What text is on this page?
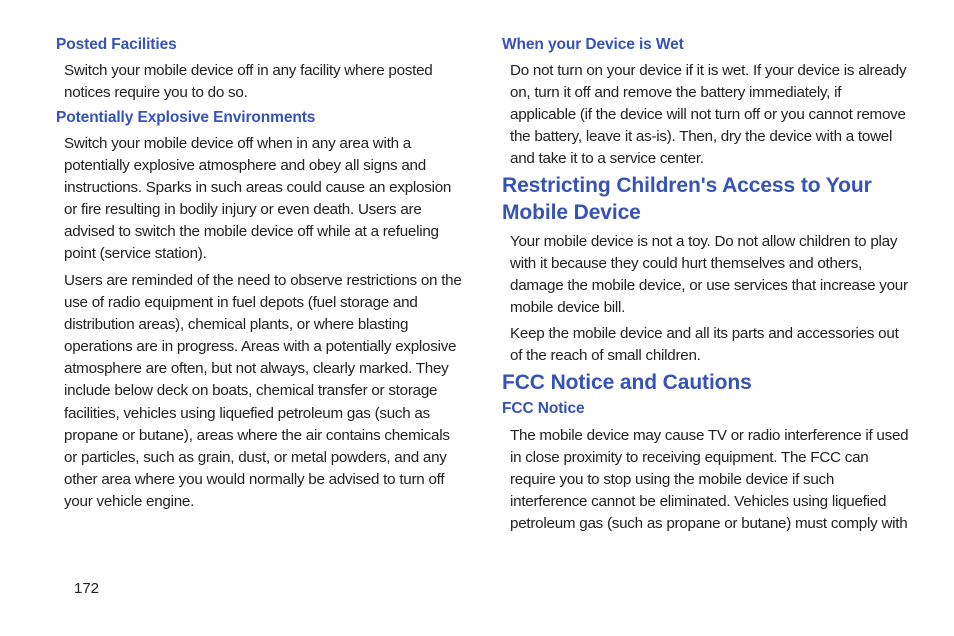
Posted Facilities

Switch your mobile device off in any facility where posted notices require you to do so.

Potentially Explosive Environments

Switch your mobile device off when in any area with a potentially explosive atmosphere and obey all signs and instructions. Sparks in such areas could cause an explosion or fire resulting in bodily injury or even death. Users are advised to switch the mobile device off while at a refueling point (service station).

Users are reminded of the need to observe restrictions on the use of radio equipment in fuel depots (fuel storage and distribution areas), chemical plants, or where blasting operations are in progress. Areas with a potentially explosive atmosphere are often, but not always, clearly marked. They include below deck on boats, chemical transfer or storage facilities, vehicles using liquefied petroleum gas (such as propane or butane), areas where the air contains chemicals or particles, such as grain, dust, or metal powders, and any other area where you would normally be advised to turn off your vehicle engine.

172
When your Device is Wet

Do not turn on your device if it is wet. If your device is already on, turn it off and remove the battery immediately, if applicable (if the device will not turn off or you cannot remove the battery, leave it as-is). Then, dry the device with a towel and take it to a service center.

Restricting Children's Access to Your Mobile Device

Your mobile device is not a toy. Do not allow children to play with it because they could hurt themselves and others, damage the mobile device, or use services that increase your mobile device bill.

Keep the mobile device and all its parts and accessories out of the reach of small children.

FCC Notice and Cautions
FCC Notice

The mobile device may cause TV or radio interference if used in close proximity to receiving equipment. The FCC can require you to stop using the mobile device if such interference cannot be eliminated. Vehicles using liquefied petroleum gas (such as propane or butane) must comply with
